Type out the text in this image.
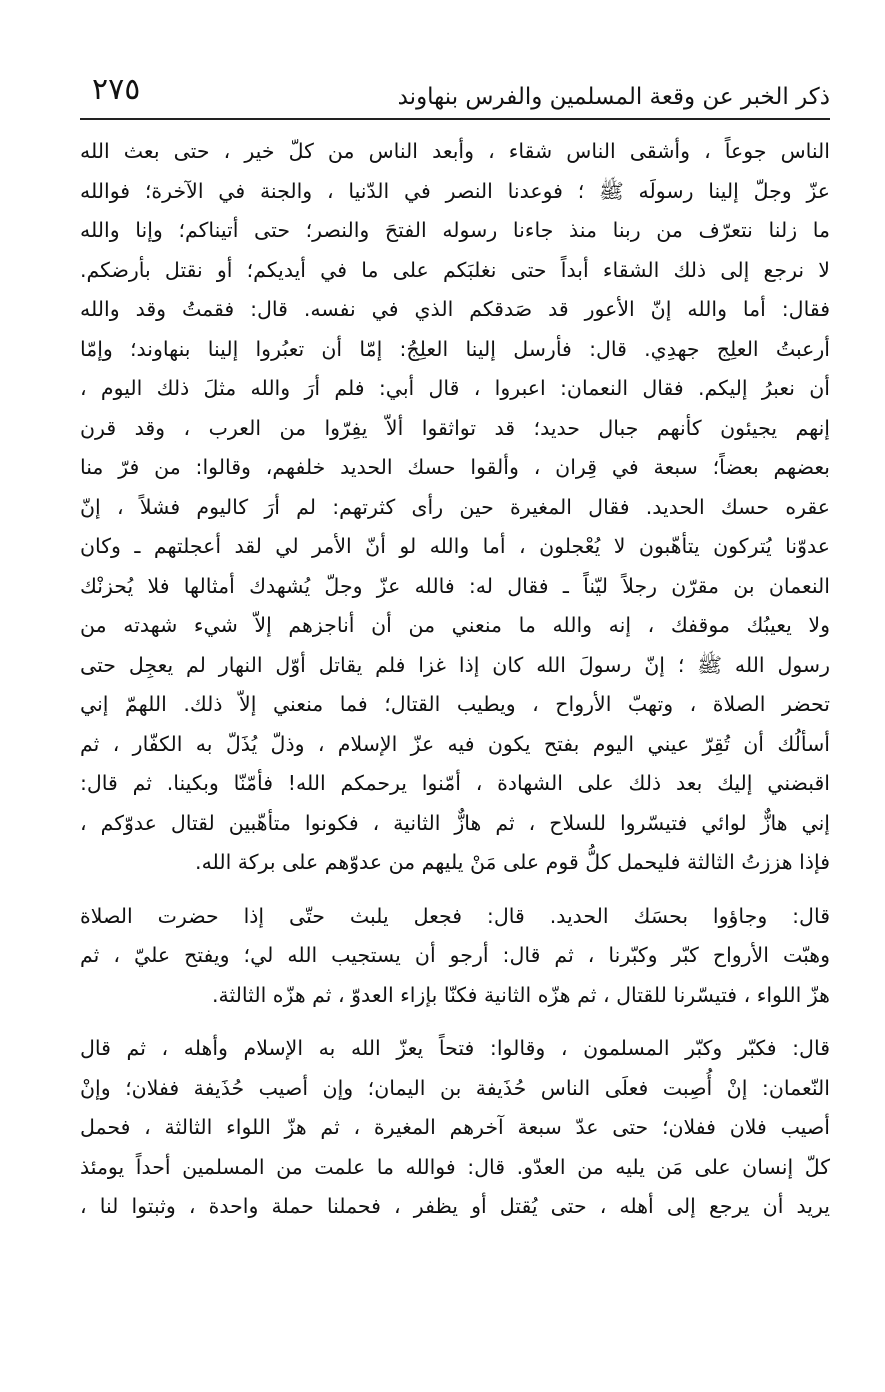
٢٧٥	ذكر الخبر عن وقعة المسلمين والفرس بنهاوند

الناس جوعاً ، وأشقى الناس شقاء ، وأبعد الناس من كلّ خير ، حتى بعث الله
عزّ وجلّ إلينا رسولَه ﷺ ؛ فوعدنا النصر في الدّنيا ، والجنة في الآخرة؛ فوالله
ما زلنا نتعرّف من ربنا منذ جاءنا رسوله الفتحَ والنصر؛ حتى أتيناكم؛ وإنا والله
لا نرجع إلى ذلك الشقاء أبداً حتى نغلبَكم على ما في أيديكم؛ أو نقتل بأرضكم.
فقال: أما والله إنّ الأعور قد صَدقكم الذي في نفسه. قال: فقمتُ وقد والله
أرعبتُ العلِج جهدِي. قال: فأرسل إلينا العلِجُ: إمّا أن تعبُروا إلينا بنهاوند؛ وإمّا
أن نعبرُ إليكم. فقال النعمان: اعبروا ، قال أبي: فلم أرَ والله مثلَ ذلك اليوم ،
إنهم يجيئون كأنهم جبال حديد؛ قد تواثقوا ألاّ يفِرّوا من العرب ، وقد قرن
بعضهم بعضاً؛ سبعة في قِران ، وألقوا حسك الحديد خلفهم، وقالوا: من فرّ منا
عقره حسك الحديد. فقال المغيرة حين رأى كثرتهم: لم أرَ كاليوم فشلاً ، إنّ
عدوّنا يُتركون يتأهّبون لا يُعْجلون ، أما والله لو أنّ الأمر لي لقد أعجلتهم ـ وكان
النعمان بن مقرّن رجلاً ليّناً ـ فقال له: فالله عزّ وجلّ يُشهدك أمثالها فلا يُحزنْك
ولا يعيبُك موقفك ، إنه والله ما منعني من أن أناجزهم إلاّ شيء شهدته من
رسول الله ﷺ ؛ إنّ رسولَ الله كان إذا غزا فلم يقاتل أوّل النهار لم يعجِل حتى
تحضر الصلاة ، وتهبّ الأرواح ، ويطيب القتال؛ فما منعني إلاّ ذلك. اللهمّ إني
أسألُك أن تُقِرّ عيني اليوم بفتح يكون فيه عزّ الإسلام ، وذلّ يُذَلّ به الكفّار ، ثم
اقبضني إليك بعد ذلك على الشهادة ، أمّنوا يرحمكم الله! فأمّنّا وبكينا. ثم قال:
إني هازٌّ لوائي فتيسّروا للسلاح ، ثم هازٌّ الثانية ، فكونوا متأهّبين لقتال عدوّكم ،
فإذا هززتُ الثالثة فليحمل كلُّ قوم على مَنْ يليهم من عدوّهم على بركة الله.

قال: وجاؤوا بحسَك الحديد. قال: فجعل يلبث حتّى إذا حضرت الصلاة
وهبّت الأرواح كبّر وكبّرنا ، ثم قال: أرجو أن يستجيب الله لي؛ ويفتح عليّ ، ثم
هزّ اللواء ، فتيسّرنا للقتال ، ثم هزّه الثانية فكنّا بإزاء العدوّ ، ثم هزّه الثالثة.

قال: فكبّر وكبّر المسلمون ، وقالوا: فتحاً يعزّ الله به الإسلام وأهله ، ثم قال
النّعمان: إنْ أُصِبت فعلَى الناس حُذَيفة بن اليمان؛ وإن أصيب حُذَيفة ففلان؛ وإنْ
أصيب فلان ففلان؛ حتى عدّ سبعة آخرهم المغيرة ، ثم هزّ اللواء الثالثة ، فحمل
كلّ إنسان على مَن يليه من العدّو. قال: فوالله ما علمت من المسلمين أحداً يومئذ
يريد أن يرجع إلى أهله ، حتى يُقتل أو يظفر ، فحملنا حملة واحدة ، وثبتوا لنا ،
